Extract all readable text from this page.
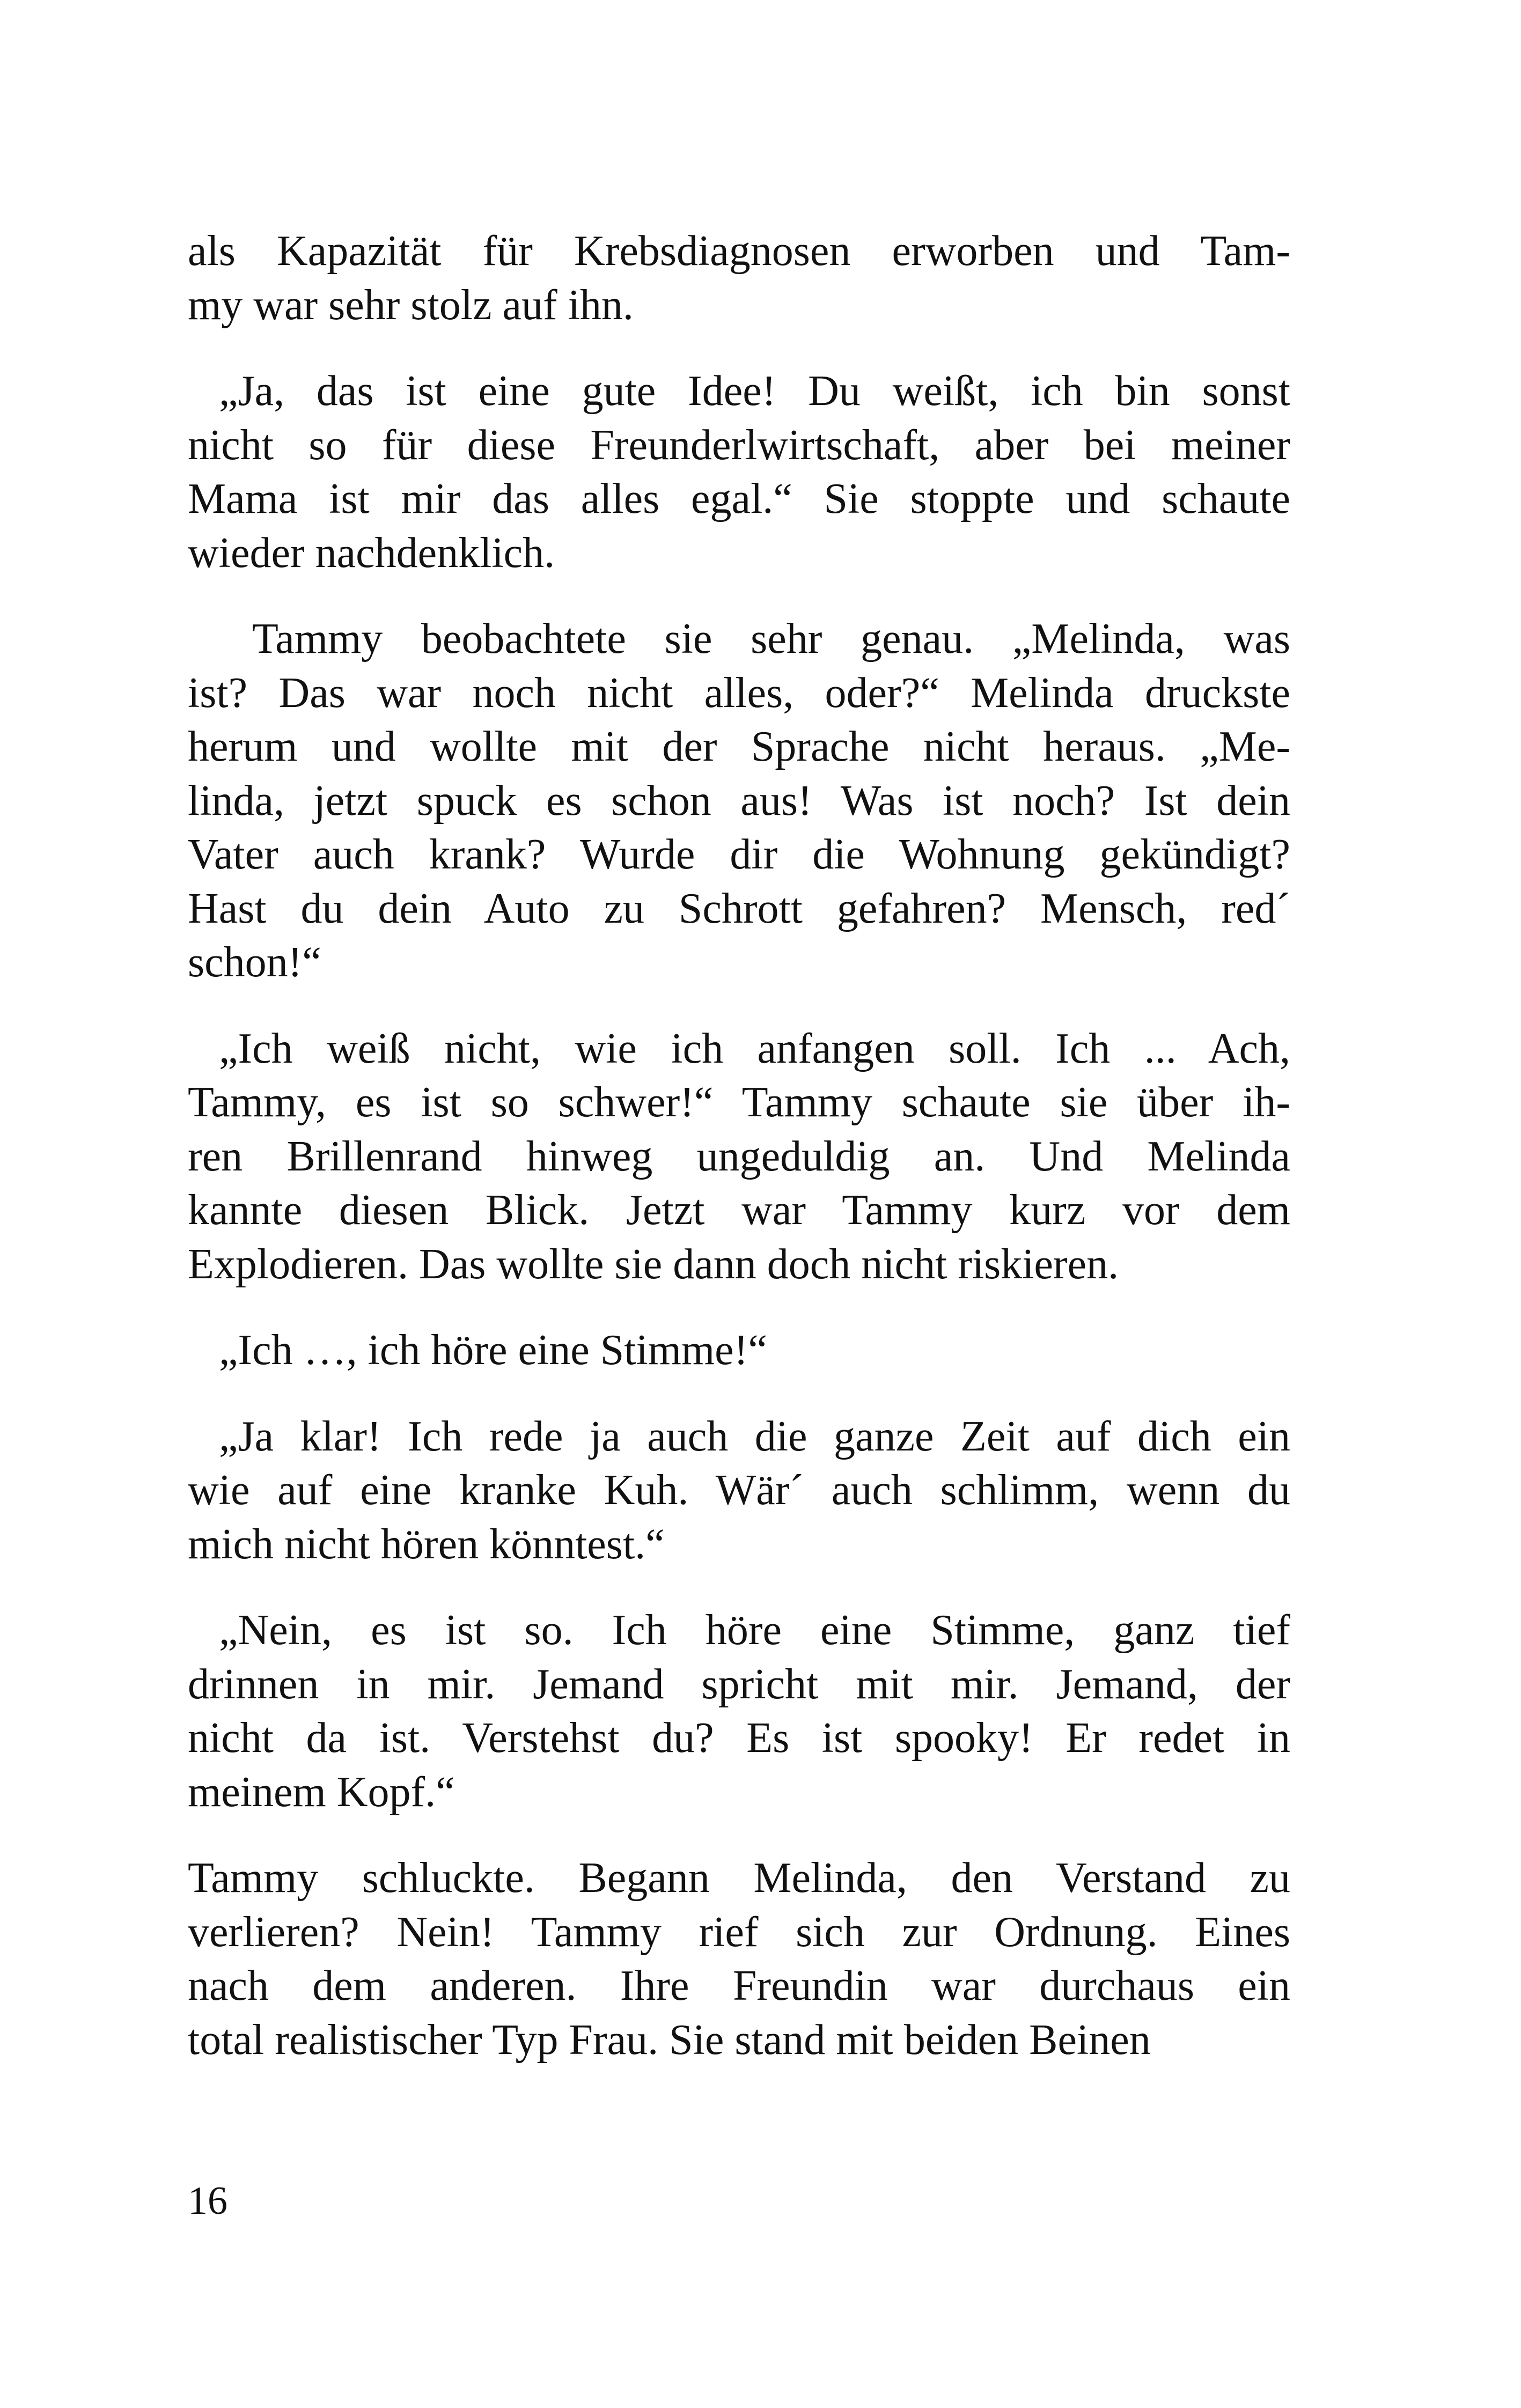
als Kapazität für Krebsdiagnosen erworben und Tam-
my war sehr stolz auf ihn.
„Ja, das ist eine gute Idee! Du weißt, ich bin sonst
nicht so für diese Freunderlwirtschaft, aber bei meiner
Mama ist mir das alles egal.“ Sie stoppte und schaute
wieder nachdenklich.
Tammy beobachtete sie sehr genau. „Melinda, was
ist? Das war noch nicht alles, oder?“ Melinda druckste
herum und wollte mit der Sprache nicht heraus. „Me-
linda, jetzt spuck es schon aus! Was ist noch? Ist dein
Vater auch krank? Wurde dir die Wohnung gekündigt?
Hast du dein Auto zu Schrott gefahren? Mensch, red´
schon!“
„Ich weiß nicht, wie ich anfangen soll. Ich ... Ach,
Tammy, es ist so schwer!“ Tammy schaute sie über ih-
ren Brillenrand hinweg ungeduldig an. Und Melinda
kannte diesen Blick. Jetzt war Tammy kurz vor dem
Explodieren. Das wollte sie dann doch nicht riskieren.
„Ich …, ich höre eine Stimme!“
„Ja klar! Ich rede ja auch die ganze Zeit auf dich ein
wie auf eine kranke Kuh. Wär´ auch schlimm, wenn du
mich nicht hören könntest.“
„Nein, es ist so. Ich höre eine Stimme, ganz tief
drinnen in mir. Jemand spricht mit mir. Jemand, der
nicht da ist. Verstehst du? Es ist spooky! Er redet in
meinem Kopf.“
Tammy schluckte. Begann Melinda, den Verstand zu
verlieren? Nein! Tammy rief sich zur Ordnung. Eines
nach dem anderen. Ihre Freundin war durchaus ein
total realistischer Typ Frau. Sie stand mit beiden Beinen
16
